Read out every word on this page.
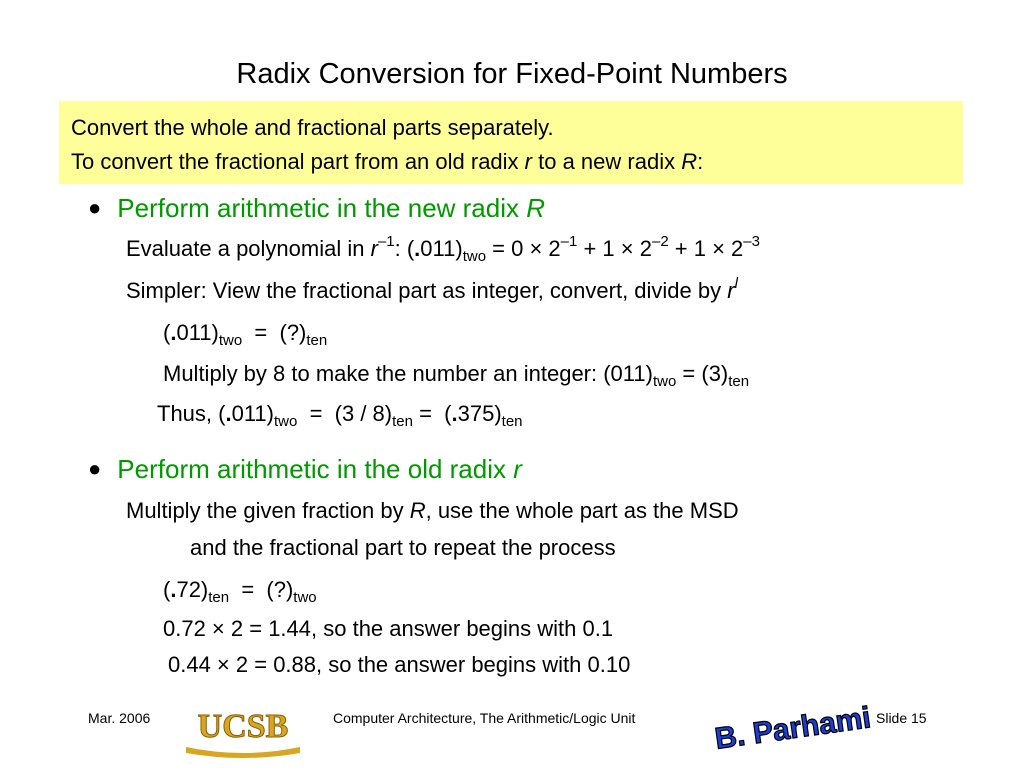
Radix Conversion for Fixed-Point Numbers
Convert the whole and fractional parts separately.
To convert the fractional part from an old radix r to a new radix R:
● Perform arithmetic in the new radix R
Evaluate a polynomial in $r^{-1}$: $(.011)_{two} = 0 \times 2^{-1} + 1 \times 2^{-2} + 1 \times 2^{-3}$
Simpler: View the fractional part as integer, convert, divide by $r^l$
$(.011)_{two}$  =  $(?)_{ten}$
Multiply by 8 to make the number an integer: $(011)_{two} = (3)_{ten}$
Thus, $(.011)_{two} = (3 / 8)_{ten} = (.375)_{ten}$
● Perform arithmetic in the old radix r
Multiply the given fraction by R, use the whole part as the MSD
and the fractional part to repeat the process
$(.72)_{ten}$  =  $(?)_{two}$
0.72 × 2 = 1.44, so the answer begins with 0.1
0.44 × 2 = 0.88, so the answer begins with 0.10
Mar. 2006 UCSB	Computer Architecture, The Arithmetic/Logic Unit	B. Parhami Slide 15
